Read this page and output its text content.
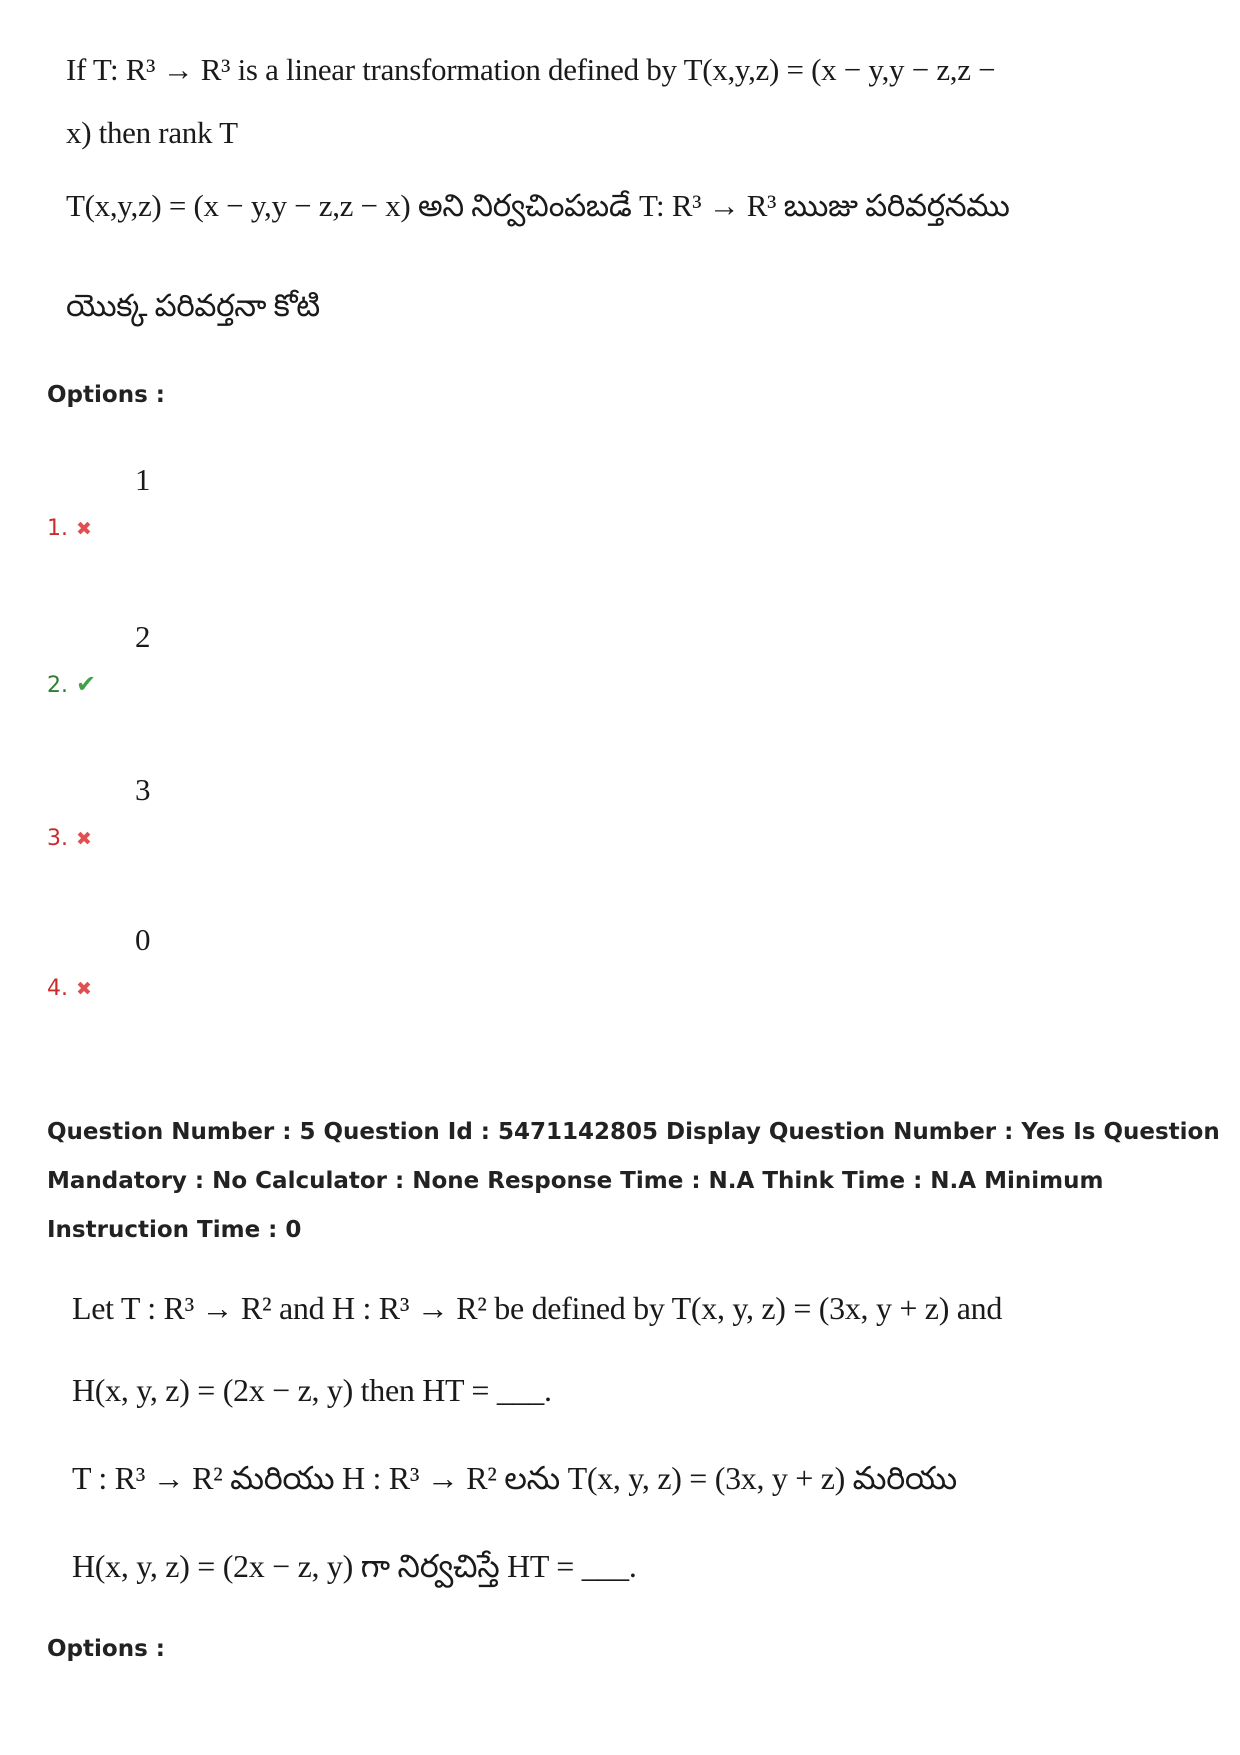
If T: R³ → R³ is a linear transformation defined by T(x,y,z) = (x − y,y − z,z −
x) then rank T
T(x,y,z) = (x − y,y − z,z − x) అని నిర్వచింపబడే T: R³ → R³ ఋజు పరివర్తనము
యొక్క పరివర్తనా కోటి
Options :
1
1. ✖
2
2. ✔
3
3. ✖
0
4. ✖
Question Number : 5 Question Id : 5471142805 Display Question Number : Yes Is Question Mandatory : No Calculator : None Response Time : N.A Think Time : N.A Minimum Instruction Time : 0
Let T : R³ → R² and H : R³ → R² be defined by T(x, y, z) = (3x, y + z) and
H(x, y, z) = (2x − z, y) then HT = ___.
T : R³ → R² మరియు H : R³ → R² లను T(x, y, z) = (3x, y + z) మరియు
H(x, y, z) = (2x − z, y) గా నిర్వచిస్తే HT = ___.
Options :
